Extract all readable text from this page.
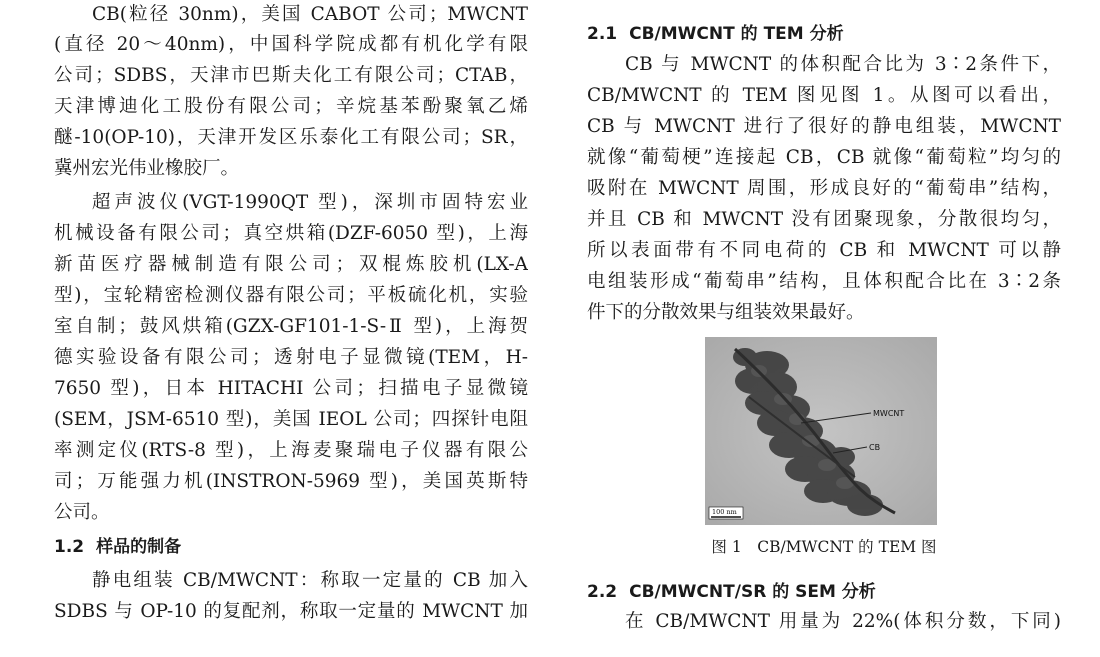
CB(粒径 30nm)，美国 CABOT 公司；MWCNT
(直径 20～40nm)，中国科学院成都有机化学有限
公司；SDBS，天津市巴斯夫化工有限公司；CTAB，
天津博迪化工股份有限公司；辛烷基苯酚聚氧乙烯
醚-10(OP-10)，天津开发区乐泰化工有限公司；SR，
冀州宏光伟业橡胶厂。
超声波仪(VGT-1990QT 型)，深圳市固特宏业
机械设备有限公司；真空烘箱(DZF-6050 型)，上海
新苗医疗器械制造有限公司；双棍炼胶机(LX-A
型)，宝轮精密检测仪器有限公司；平板硫化机，实验
室自制；鼓风烘箱(GZX-GF101-1-S-Ⅱ 型)，上海贺
德实验设备有限公司；透射电子显微镜(TEM，H-
7650 型)，日本 HITACHI 公司；扫描电子显微镜
(SEM，JSM-6510 型)，美国 IEOL 公司；四探针电阻
率测定仪(RTS-8 型)，上海麦聚瑞电子仪器有限公
司；万能强力机(INSTRON-5969 型)，美国英斯特
公司。
1.2 样品的制备
静电组装 CB/MWCNT：称取一定量的 CB 加入
SDBS 与 OP-10 的复配剂，称取一定量的 MWCNT 加
2.1 CB/MWCNT 的 TEM 分析
CB 与 MWCNT 的体积配合比为 3∶2条件下，
CB/MWCNT 的 TEM 图见图 1。从图可以看出，
CB 与 MWCNT 进行了很好的静电组装，MWCNT
就像“葡萄梗”连接起 CB，CB 就像“葡萄粒”均匀的
吸附在 MWCNT 周围，形成良好的“葡萄串”结构，
并且 CB 和 MWCNT 没有团聚现象，分散很均匀，
所以表面带有不同电荷的 CB 和 MWCNT 可以静
电组装形成“葡萄串”结构，且体积配合比在 3∶2条
件下的分散效果与组装效果最好。
MWCNT
CB
100 nm
图 1　CB/MWCNT 的 TEM 图
2.2 CB/MWCNT/SR 的 SEM 分析
在 CB/MWCNT 用量为 22%(体积分数，下同)
